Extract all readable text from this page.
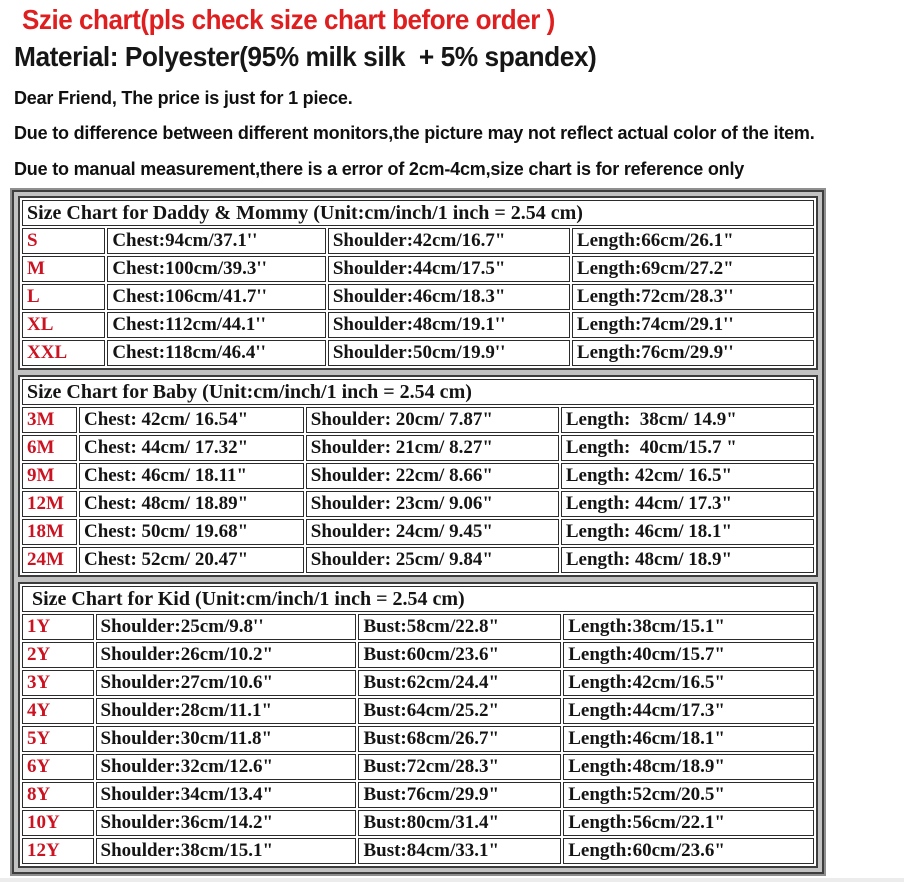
Szie chart(pls check size chart before order )
Material: Polyester(95% milk silk  + 5% spandex)
Dear Friend, The price is just for 1 piece.
Due to difference between different monitors,the picture may not reflect actual color of the item.
Due to manual measurement,there is a error of 2cm-4cm,size chart is for reference only
Size Chart for Daddy & Mommy (Unit:cm/inch/1 inch = 2.54 cm)			
S	Chest:94cm/37.1''	Shoulder:42cm/16.7"	Length:66cm/26.1"
M	Chest:100cm/39.3''	Shoulder:44cm/17.5"	Length:69cm/27.2"
L	Chest:106cm/41.7''	Shoulder:46cm/18.3"	Length:72cm/28.3''
XL	Chest:112cm/44.1''	Shoulder:48cm/19.1''	Length:74cm/29.1''
XXL	Chest:118cm/46.4''	Shoulder:50cm/19.9''	Length:76cm/29.9''
Size Chart for Baby (Unit:cm/inch/1 inch = 2.54 cm)			
3M	Chest: 42cm/ 16.54"	Shoulder: 20cm/ 7.87"	Length:  38cm/ 14.9"
6M	Chest: 44cm/ 17.32"	Shoulder: 21cm/ 8.27"	Length:  40cm/15.7 "
9M	Chest: 46cm/ 18.11"	Shoulder: 22cm/ 8.66"	Length: 42cm/ 16.5"
12M	Chest: 48cm/ 18.89"	Shoulder: 23cm/ 9.06"	Length: 44cm/ 17.3"
18M	Chest: 50cm/ 19.68"	Shoulder: 24cm/ 9.45"	Length: 46cm/ 18.1"
24M	Chest: 52cm/ 20.47"	Shoulder: 25cm/ 9.84"	Length: 48cm/ 18.9"
Size Chart for Kid (Unit:cm/inch/1 inch = 2.54 cm)			
1Y	Shoulder:25cm/9.8''	Bust:58cm/22.8"	Length:38cm/15.1"
2Y	Shoulder:26cm/10.2"	Bust:60cm/23.6"	Length:40cm/15.7"
3Y	Shoulder:27cm/10.6"	Bust:62cm/24.4"	Length:42cm/16.5"
4Y	Shoulder:28cm/11.1"	Bust:64cm/25.2"	Length:44cm/17.3"
5Y	Shoulder:30cm/11.8"	Bust:68cm/26.7"	Length:46cm/18.1"
6Y	Shoulder:32cm/12.6"	Bust:72cm/28.3"	Length:48cm/18.9"
8Y	Shoulder:34cm/13.4"	Bust:76cm/29.9"	Length:52cm/20.5"
10Y	Shoulder:36cm/14.2"	Bust:80cm/31.4"	Length:56cm/22.1"
12Y	Shoulder:38cm/15.1"	Bust:84cm/33.1"	Length:60cm/23.6"
